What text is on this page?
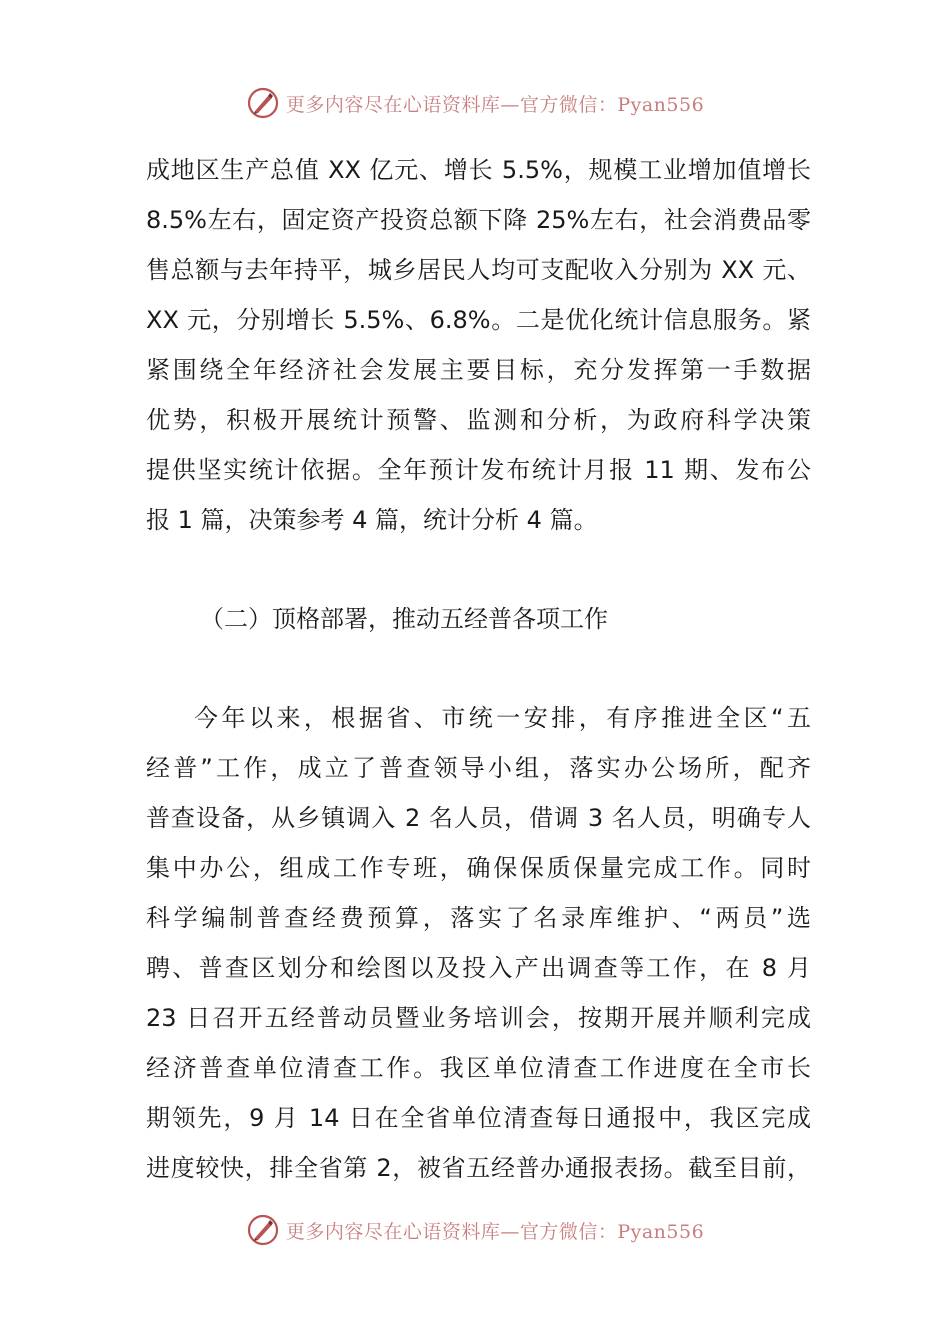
更多内容尽在心语资料库—官方微信：Pyan556
成地区生产总值 XX 亿元、增长 5.5%，规模工业增加值增长
8.5%左右，固定资产投资总额下降 25%左右，社会消费品零
售总额与去年持平，城乡居民人均可支配收入分别为 XX 元、
XX 元，分别增长 5.5%、6.8%。二是优化统计信息服务。紧
紧围绕全年经济社会发展主要目标，充分发挥第一手数据
优势，积极开展统计预警、监测和分析，为政府科学决策
提供坚实统计依据。全年预计发布统计月报 11 期、发布公
报 1 篇，决策参考 4 篇，统计分析 4 篇。
（二）顶格部署，推动五经普各项工作
今年以来，根据省、市统一安排，有序推进全区“五
经普”工作，成立了普查领导小组，落实办公场所，配齐
普查设备，从乡镇调入 2 名人员，借调 3 名人员，明确专人
集中办公，组成工作专班，确保保质保量完成工作。同时
科学编制普查经费预算，落实了名录库维护、“两员”选
聘、普查区划分和绘图以及投入产出调查等工作，在 8 月
23 日召开五经普动员暨业务培训会，按期开展并顺利完成
经济普查单位清查工作。我区单位清查工作进度在全市长
期领先，9 月 14 日在全省单位清查每日通报中，我区完成
进度较快，排全省第 2，被省五经普办通报表扬。截至目前，
更多内容尽在心语资料库—官方微信：Pyan556
